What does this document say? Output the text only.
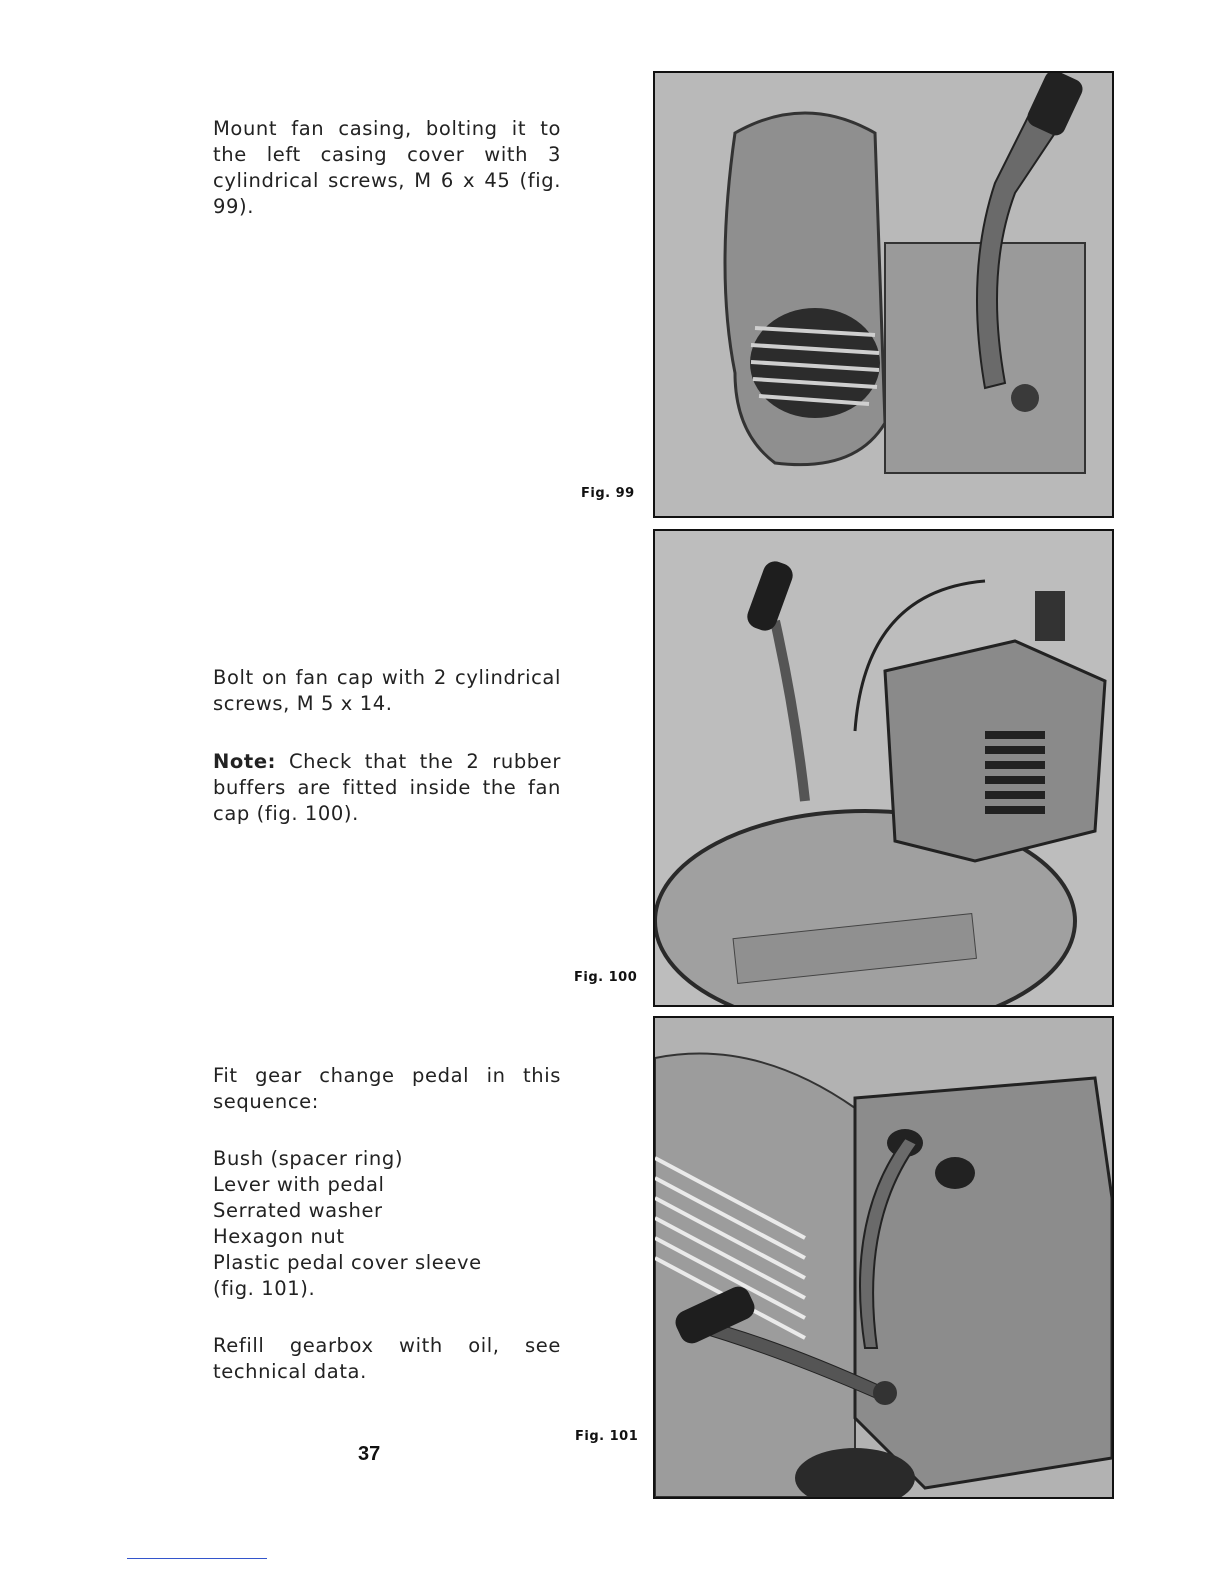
Mount fan casing, bolting it to the left casing cover with 3 cylindrical screws, M 6 x 45 (fig. 99).

Bolt on fan cap with 2 cylindrical screws, M 5 x 14.

Note: Check that the 2 rubber buffers are fitted inside the fan cap (fig. 100).

Fit gear change pedal in this sequence:

Bush (spacer ring)
Lever with pedal
Serrated washer
Hexagon nut
Plastic pedal cover sleeve
(fig. 101).

Refill gearbox with oil, see technical data.

37
Fig. 99
Fig. 100
Fig. 101
